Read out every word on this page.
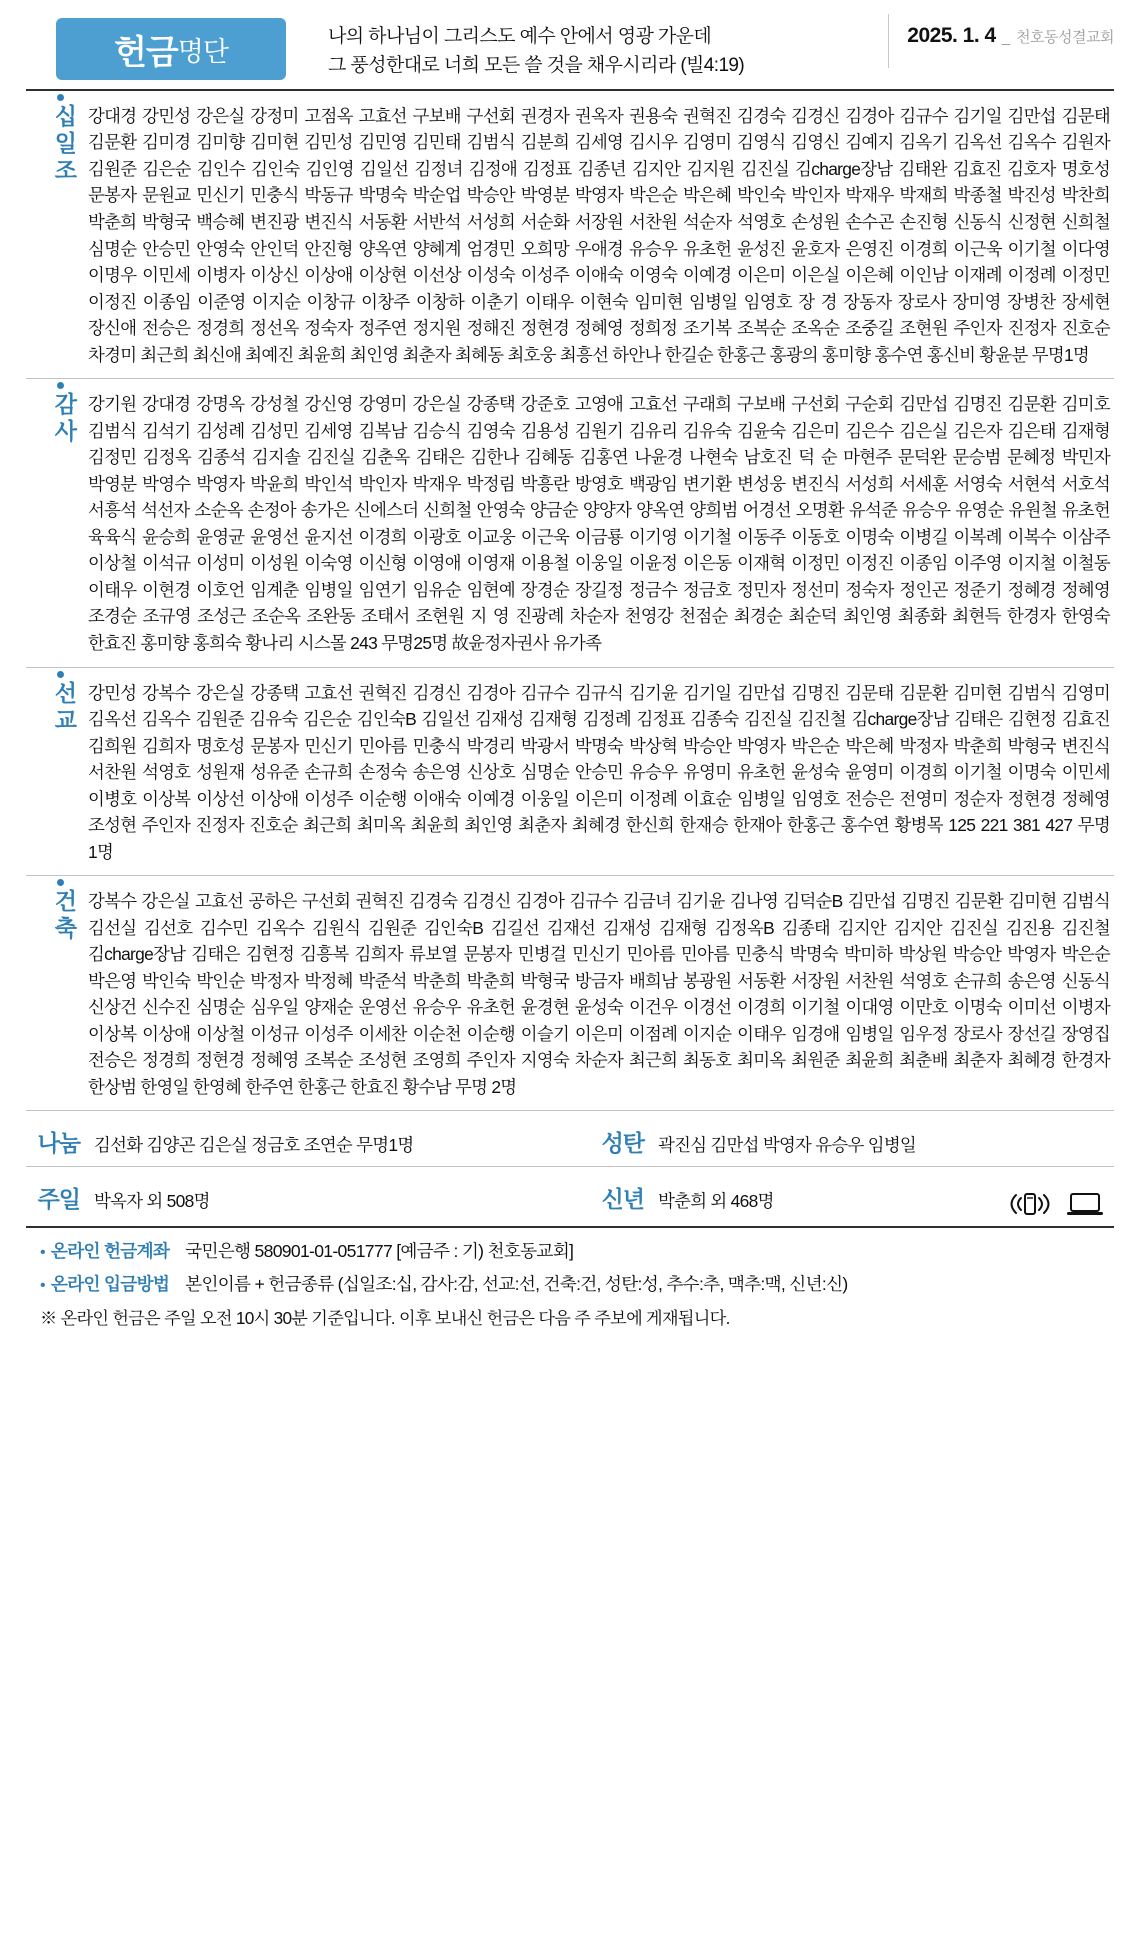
헌금 명단	나의 하나님이 그리스도 예수 안에서 영광 가운데
그 풍성한대로 너희 모든 쓸 것을 채우시리라 (빌4:19)
2025. 1. 4 _ 천호동성결교회
십
일
조
강대경 강민성 강은실 강정미 고점옥 고효선 구보배 구선회 권경자 권옥자 권용숙 권혁진 김경숙 김경신 김경아 김규수 김기일 김만섭 김문태 김문환 김미경 김미향 김미현 김민성 김민영 김민태 김범식 김분희 김세영 김시우 김영미 김영식 김영신 김예지 김옥기 김옥선 김옥수 김원자 김원준 김은순 김인수 김인숙 김인영 김일선 김정녀 김정애 김정표 김종년 김지안 김지원 김진실 김charge장남 김태완 김효진 김호자 명호성 문봉자 문원교 민신기 민충식 박동규 박명숙 박순업 박승안 박영분 박영자 박은순 박은혜 박인숙 박인자 박재우 박재희 박종철 박진성 박찬희 박춘희 박형국 백승혜 변진광 변진식 서동환 서반석 서성희 서순화 서장원 서찬원 석순자 석영호 손성원 손수곤 손진형 신동식 신정현 신희철 심명순 안승민 안영숙 안인덕 안진형 양옥연 양혜계 엄경민 오희망 우애경 유승우 유초헌 윤성진 윤호자 은영진 이경희 이근욱 이기철 이다영 이명우 이민세 이병자 이상신 이상애 이상현 이선상 이성숙 이성주 이애숙 이영숙 이예경 이은미 이은실 이은혜 이인남 이재례 이정례 이정민 이정진 이종임 이준영 이지순 이창규 이창주 이창하 이춘기 이태우 이현숙 임미현 임병일 임영호 장 경 장동자 장로사 장미영 장병찬 장세현 장신애 전승은 정경희 정선옥 정숙자 정주연 정지원 정해진 정현경 정혜영 정희정 조기복 조복순 조옥순 조중길 조현원 주인자 진정자 진호순 차경미 최근희 최신애 최예진 최윤희 최인영 최춘자 최혜동 최호웅 최흥선 하안나 한길순 한홍근 홍광의 홍미향 홍수연 홍신비 황윤분 무명1명
감
사
강기원 강대경 강명옥 강성철 강신영 강영미 강은실 강종택 강준호 고영애 고효선 구래희 구보배 구선회 구순회 김만섭 김명진 김문환 김미호 김범식 김석기 김성례 김성민 김세영 김복남 김승식 김영숙 김용성 김원기 김유리 김유숙 김윤숙 김은미 김은수 김은실 김은자 김은태 김재형 김정민 김정옥 김종석 김지솔 김진실 김춘옥 김태은 김한나 김혜동 김홍연 나윤경 나현숙 남호진 덕 순 마현주 문덕완 문승범 문혜정 박민자 박영분 박영수 박영자 박윤희 박인석 박인자 박재우 박정림 박흥란 방영호 백광임 변기환 변성웅 변진식 서성희 서세훈 서영숙 서현석 서호석 서흥석 석선자 소순옥 손정아 송가은 신에스더 신희철 안영숙 양금순 양양자 양옥연 양희범 어경선 오명환 유석준 유승우 유영순 유원철 유초헌 육육식 윤승희 윤영균 윤영선 윤지선 이경희 이광호 이교웅 이근욱 이금룡 이기영 이기철 이동주 이동호 이명숙 이병길 이복례 이복수 이삼주 이상철 이석규 이성미 이성원 이숙영 이신형 이영애 이영재 이용철 이웅일 이윤정 이은동 이재혁 이정민 이정진 이종임 이주영 이지철 이철동 이태우 이현경 이호언 임계춘 임병일 임연기 임유순 임현예 장경순 장길정 정금수 정금호 정민자 정선미 정숙자 정인곤 정준기 정혜경 정혜영 조경순 조규영 조성근 조순옥 조완동 조태서 조현원 지 영 진광례 차순자 천영강 천점순 최경순 최순덕 최인영 최종화 최현득 한경자 한영숙 한효진 홍미향 홍희숙 황나리 시스몰 243 무명25명 故윤정자권사 유가족
선
교
강민성 강복수 강은실 강종택 고효선 권혁진 김경신 김경아 김규수 김규식 김기윤 김기일 김만섭 김명진 김문태 김문환 김미현 김범식 김영미 김옥선 김옥수 김원준 김유숙 김은순 김인숙B 김일선 김재성 김재형 김정례 김정표 김종숙 김진실 김진철 김charge장남 김태은 김현정 김효진 김희원 김희자 명호성 문봉자 민신기 민아름 민충식 박경리 박광서 박명숙 박상혁 박승안 박영자 박은순 박은혜 박정자 박춘희 박형국 변진식 서찬원 석영호 성원재 성유준 손규희 손정숙 송은영 신상호 심명순 안승민 유승우 유영미 유초헌 윤성숙 윤영미 이경희 이기철 이명숙 이민세 이병호 이상복 이상선 이상애 이성주 이순행 이애숙 이예경 이웅일 이은미 이정례 이효순 임병일 임영호 전승은 전영미 정순자 정현경 정혜영 조성현 주인자 진정자 진호순 최근희 최미옥 최윤희 최인영 최춘자 최혜경 한신희 한재승 한재아 한홍근 홍수연 황병목 125 221 381 427 무명 1명
건
축
강복수 강은실 고효선 공하은 구선회 권혁진 김경숙 김경신 김경아 김규수 김금녀 김기윤 김나영 김덕순B 김만섭 김명진 김문환 김미현 김범식 김선실 김선호 김수민 김옥수 김원식 김원준 김인숙B 김길선 김재선 김재성 김재형 김정옥B 김종태 김지안 김지안 김진실 김진용 김진철 김charge장남 김태은 김현정 김흥복 김희자 류보열 문봉자 민병걸 민신기 민아름 민아름 민충식 박명숙 박미하 박상원 박승안 박영자 박은순 박은영 박인숙 박인순 박정자 박정혜 박준석 박춘희 박춘희 박형국 방금자 배희남 봉광원 서동환 서장원 서찬원 석영호 손규희 송은영 신동식 신상건 신수진 심명순 심우일 양재순 운영선 유승우 유초헌 윤경현 윤성숙 이건우 이경선 이경희 이기철 이대영 이만호 이명숙 이미선 이병자 이상복 이상애 이상철 이성규 이성주 이세찬 이순천 이순행 이슬기 이은미 이점례 이지순 이태우 임경애 임병일 임우정 장로사 장선길 장영집 전승은 정경희 정현경 정혜영 조복순 조성현 조영희 주인자 지영숙 차순자 최근희 최동호 최미옥 최원준 최윤희 최춘배 최춘자 최혜경 한경자 한상범 한영일 한영혜 한주연 한홍근 한효진 황수남 무명 2명
나눔 김선화 김양곤 김은실 정금호 조연순 무명1명	성탄 곽진심 김만섭 박영자 유승우 임병일
주일 박옥자 외 508명	신년 박춘희 외 468명
• 온라인 헌금계좌 국민은행 580901-01-051777 [예금주 : 기) 천호동교회]
• 온라인 입금방법 본인이름 + 헌금종류 (십일조:십, 감사:감, 선교:선, 건축:건, 성탄:성, 추수:추, 맥추:맥, 신년:신)
※ 온라인 헌금은 주일 오전 10시 30분 기준입니다. 이후 보내신 헌금은 다음 주 주보에 게재됩니다.
